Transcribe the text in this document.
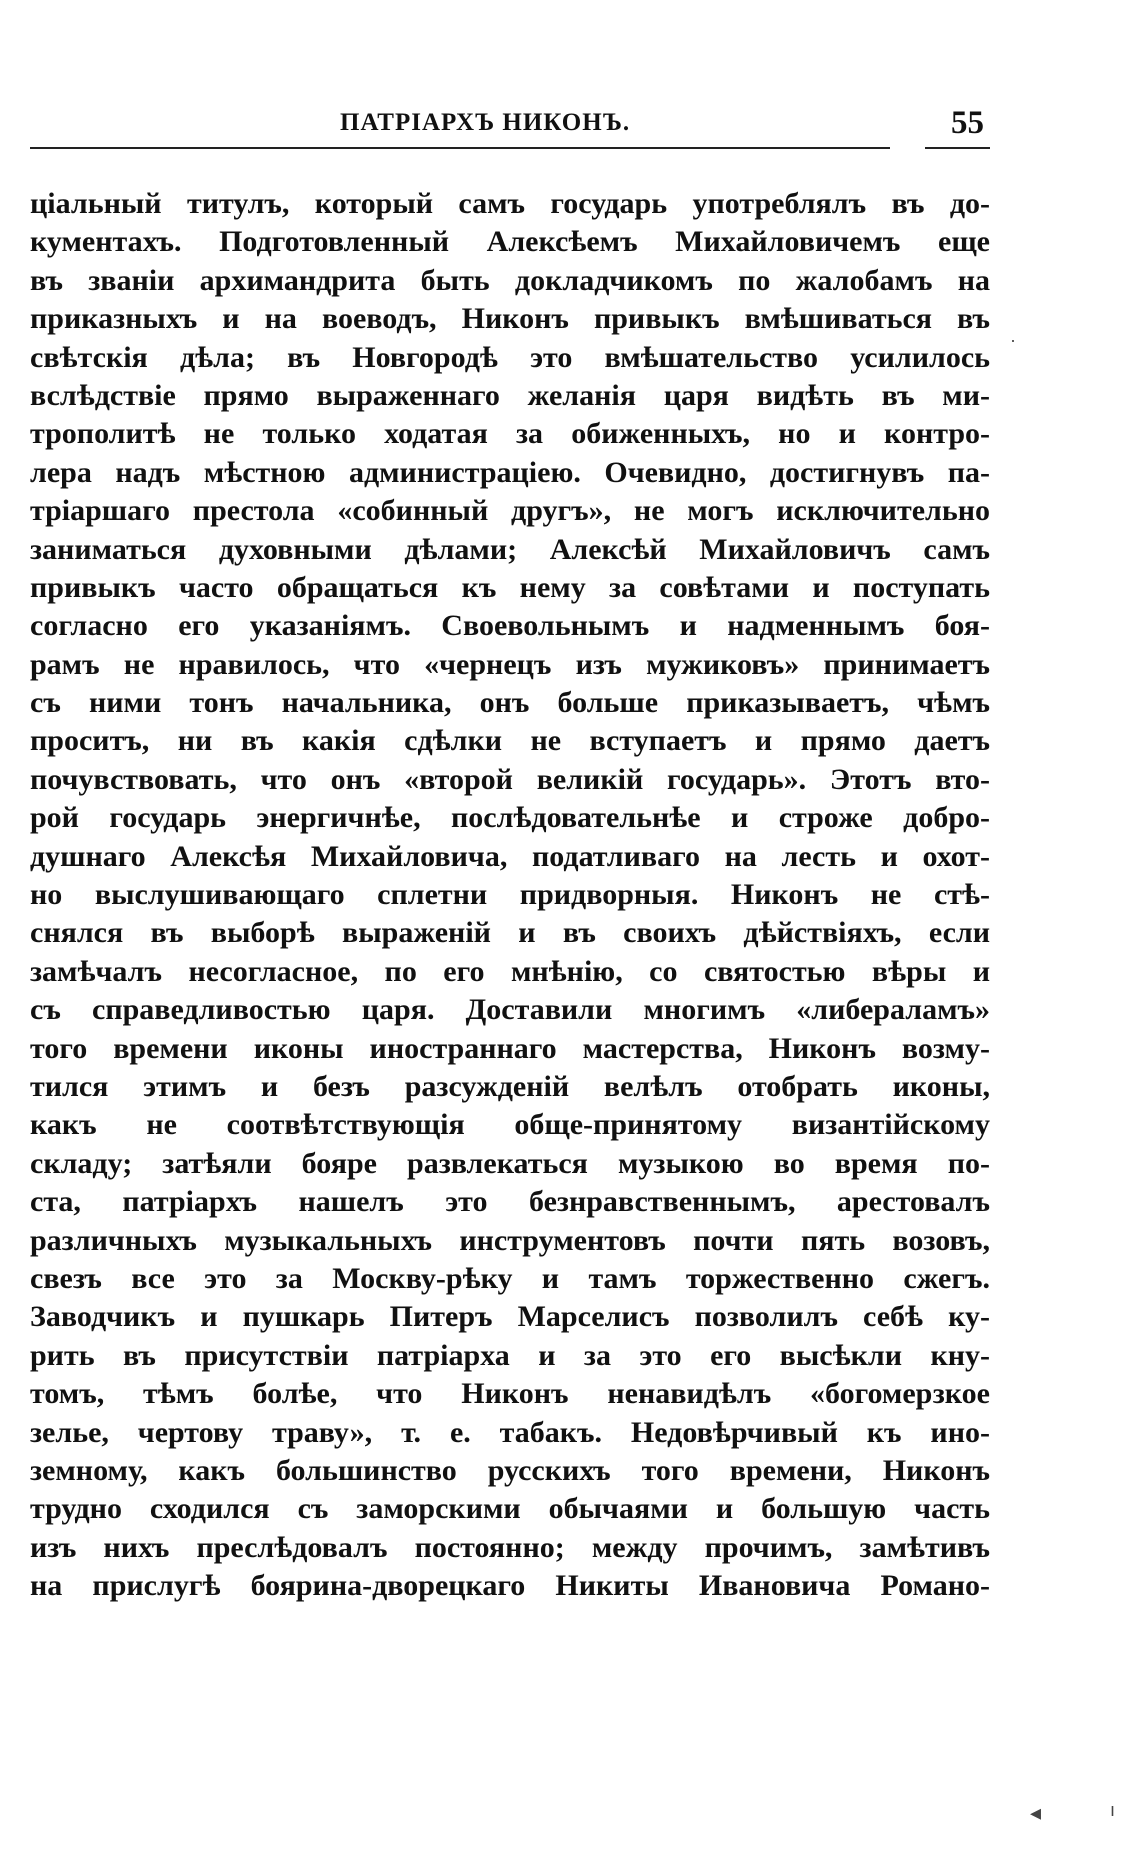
ПАТРІАРХЪ НИКОНЪ.	55
ціальный титулъ, который самъ государь употреблялъ въ до-
кументахъ. Подготовленный Алексѣемъ Михайловичемъ еще
въ званіи архимандрита быть докладчикомъ по жалобамъ на
приказныхъ и на воеводъ, Никонъ привыкъ вмѣшиваться въ
свѣтскія дѣла; въ Новгородѣ это вмѣшательство усилилось
вслѣдствіе прямо выраженнаго желанія царя видѣть въ ми-
трополитѣ не только ходатая за обиженныхъ, но и контро-
лера надъ мѣстною администраціею. Очевидно, достигнувъ па-
тріаршаго престола «собинный другъ», не могъ исключительно
заниматься духовными дѣлами; Алексѣй Михайловичъ самъ
привыкъ часто обращаться къ нему за совѣтами и поступать
согласно его указаніямъ. Своевольнымъ и надменнымъ боя-
рамъ не нравилось, что «чернецъ изъ мужиковъ» принимаетъ
съ ними тонъ начальника, онъ больше приказываетъ, чѣмъ
проситъ, ни въ какія сдѣлки не вступаетъ и прямо даетъ
почувствовать, что онъ «второй великій государь». Этотъ вто-
рой государь энергичнѣе, послѣдовательнѣе и строже добро-
душнаго Алексѣя Михайловича, податливаго на лесть и охот-
но выслушивающаго сплетни придворныя. Никонъ не стѣ-
снялся въ выборѣ выраженій и въ своихъ дѣйствіяхъ, если
замѣчалъ несогласное, по его мнѣнію, со святостью вѣры и
съ справедливостью царя. Доставили многимъ «либераламъ»
того времени иконы иностраннаго мастерства, Никонъ возму-
тился этимъ и безъ разсужденій велѣлъ отобрать иконы,
какъ не соотвѣтствующія обще-принятому византійскому
складу; затѣяли бояре развлекаться музыкою во время по-
ста, патріархъ нашелъ это безнравственнымъ, арестовалъ
различныхъ музыкальныхъ инструментовъ почти пять возовъ,
свезъ все это за Москву-рѣку и тамъ торжественно сжегъ.
Заводчикъ и пушкарь Питеръ Марселисъ позволилъ себѣ ку-
рить въ присутствіи патріарха и за это его высѣкли кну-
томъ, тѣмъ болѣе, что Никонъ ненавидѣлъ «богомерзкое
зелье, чертову траву», т. е. табакъ. Недовѣрчивый къ ино-
земному, какъ большинство русскихъ того времени, Никонъ
трудно сходился съ заморскими обычаями и большую часть
изъ нихъ преслѣдовалъ постоянно; между прочимъ, замѣтивъ
на прислугѣ боярина-дворецкаго Никиты Ивановича Романо-
·
◂	ı
